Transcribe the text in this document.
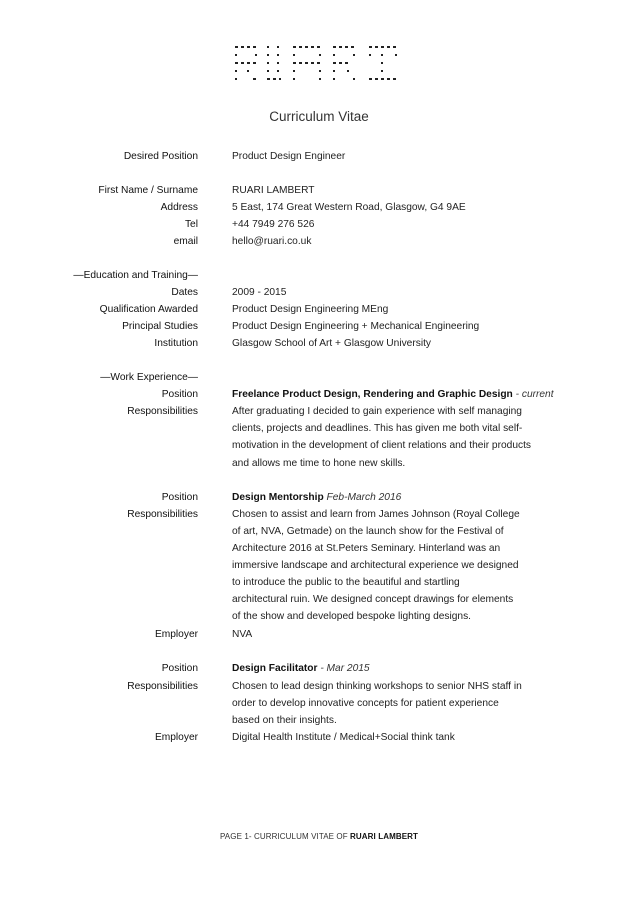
Curriculum Vitae
Desired Position	Product Design Engineer
First Name / Surname	RUARI LAMBERT
Address	5 East, 174 Great Western Road, Glasgow, G4 9AE
Tel	+44 7949 276 526
email	hello@ruari.co.uk
—Education and Training—
Dates	2009 - 2015
Qualification Awarded	Product Design Engineering MEng
Principal Studies	Product Design Engineering + Mechanical Engineering
Institution	Glasgow School of Art + Glasgow University
—Work Experience—
Position	Freelance Product Design, Rendering and Graphic Design - current
Responsibilities	After graduating I decided to gain experience with self managing
clients, projects and deadlines. This has given me both vital self-
motivation in the development of client relations and their products
and allows me time to hone new skills.
Position	Design Mentorship Feb-March 2016
Responsibilities	Chosen to assist and learn from James Johnson (Royal College
of art, NVA, Getmade) on the launch show for the Festival of
Architecture 2016 at St.Peters Seminary. Hinterland was an
immersive landscape and architectural experience we designed
to introduce the public to the beautiful and startling
architectural ruin. We designed concept drawings for elements
of the show and developed bespoke lighting designs.
Employer	NVA
Position	Design Facilitator - Mar 2015
Responsibilities	Chosen to lead design thinking workshops to senior NHS staff in
order to develop innovative concepts for patient experience
based on their insights.
Employer	Digital Health Institute / Medical+Social think tank
PAGE 1- CURRICULUM VITAE OF RUARI LAMBERT
